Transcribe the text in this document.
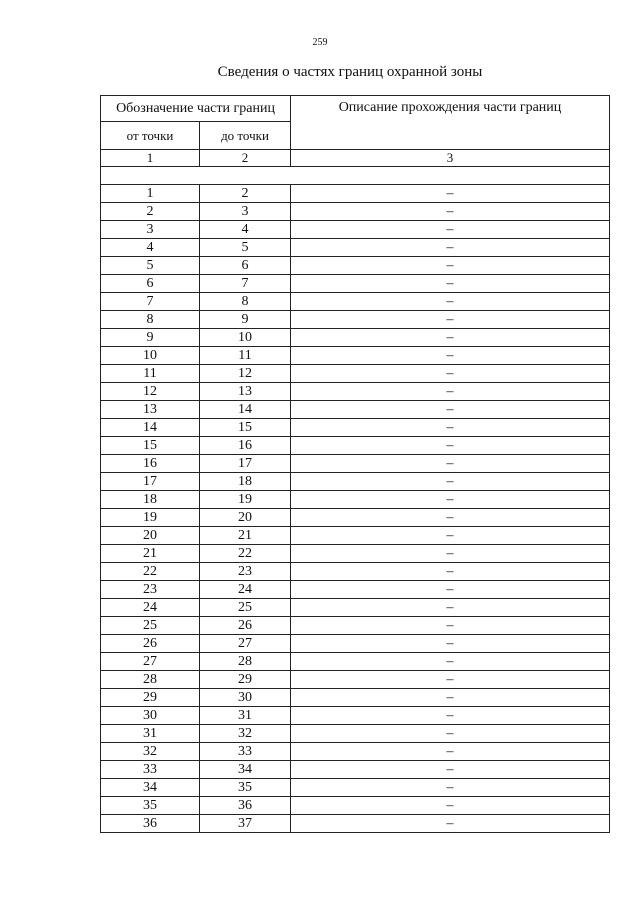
259
Сведения о частях границ охранной зоны
Обозначение части границ		Описание прохождения части границ
от точки	до точки	
1	2	3

1	2	–
2	3	–
3	4	–
4	5	–
5	6	–
6	7	–
7	8	–
8	9	–
9	10	–
10	11	–
11	12	–
12	13	–
13	14	–
14	15	–
15	16	–
16	17	–
17	18	–
18	19	–
19	20	–
20	21	–
21	22	–
22	23	–
23	24	–
24	25	–
25	26	–
26	27	–
27	28	–
28	29	–
29	30	–
30	31	–
31	32	–
32	33	–
33	34	–
34	35	–
35	36	–
36	37	–
